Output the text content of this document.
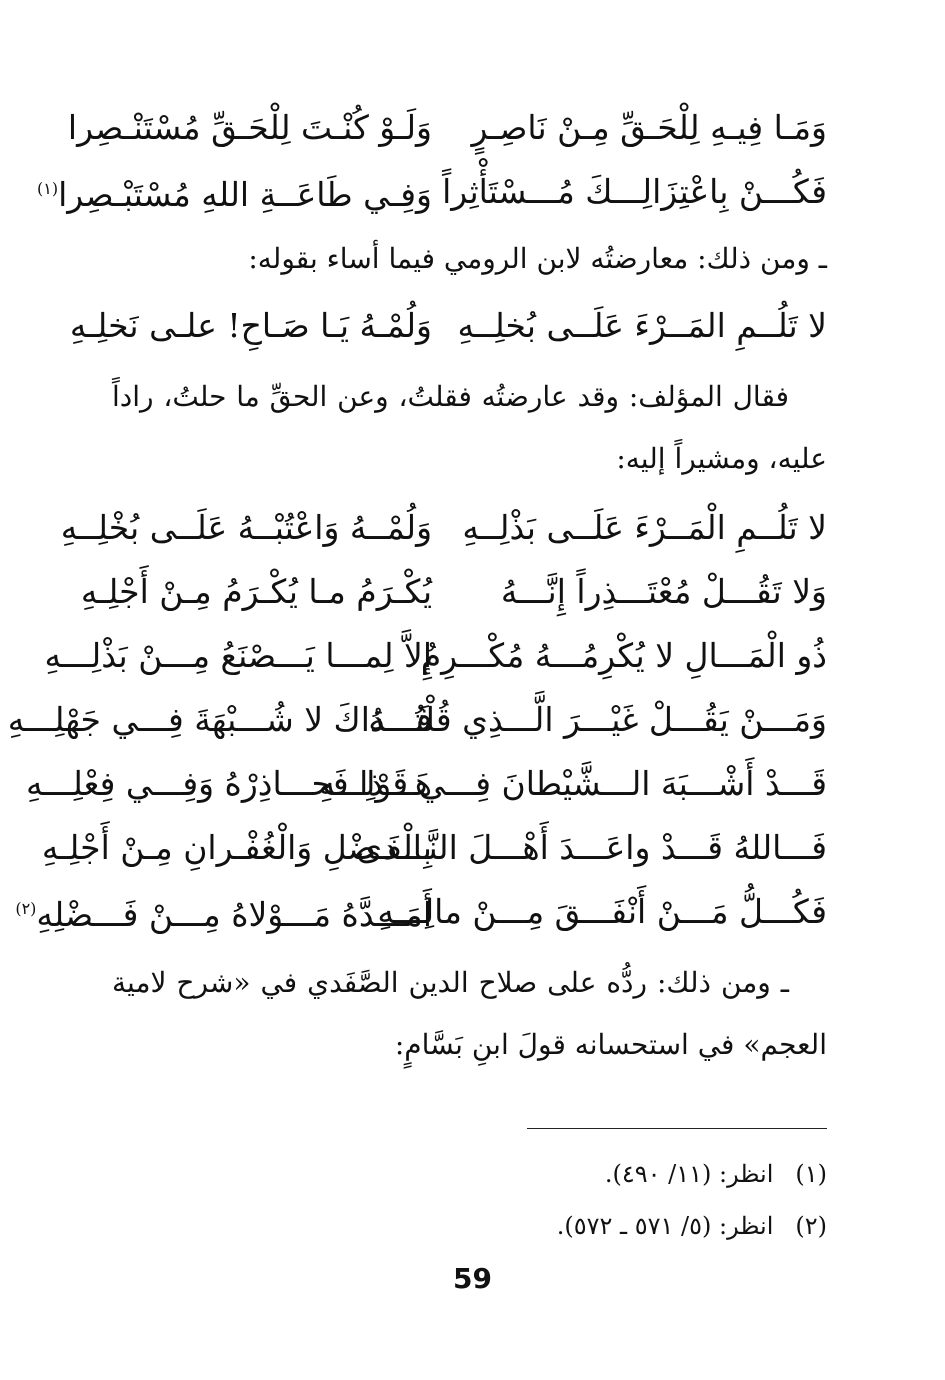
وَمَـا فِيـهِ لِلْحَـقِّ مِـنْ نَاصِـرٍ
وَلَـوْ كُنْـتَ لِلْحَـقِّ مُسْتَنْـصِرا
فَكُـــنْ بِاعْتِزَالِـــكَ مُـــسْتَأْثِراً
وَفِـي طَاعَــةِ اللهِ مُسْتَبْـصِرا$^{(١)}$
ـ ومن ذلك: معارضتُه لابن الرومي فيما أساء بقوله:
لا تَلُــمِ المَــرْءَ عَلَــى بُخلِــهِ
وَلُمْـهُ يَـا صَـاحِ! علـى نَخلِـهِ
فقال المؤلف: وقد عارضتُه فقلتُ، وعن الحقِّ ما حلتُ، راداً عليه، ومشيراً إليه:
لا تَلُــمِ الْمَــرْءَ عَلَــى بَذْلِــهِ
وَلُمْــهُ وَاعْتُبْــهُ عَلَــى بُخْلِــهِ
وَلا تَقُـــلْ مُعْتَـــذِراً إِنَّـــهُ
يُكْـرَمُ مـا يُكْـرَمُ مِـنْ أَجْلِـهِ
ذُو الْمَـــالِ لا يُكْرِمُـــهُ مُكْـــرِمٌ
إِلاَّ لِمـــا يَـــصْنَعُ مِـــنْ بَذْلِـــهِ
وَمَـــنْ يَقُـــلْ غَيْـــرَ الَّـــذِي قُلْتُـــهُ
فَـــذاكَ لا شُـــبْهَةَ فِـــي جَهْلِـــهِ
قَـــدْ أَشْـــبَهَ الـــشَّيْطانَ فِـــي قَوْلِـــهِ
هَـــذا فَحـــاذِرْهُ وَفِـــي فِعْلِـــهِ
فَـــاللهُ قَـــدْ واعَـــدَ أَهْـــلَ النَّـــدى
بِالْفَـضْلِ وَالْغُفْـرانِ مِـنْ أَجْلِـهِ
فَكُـــلُّ مَـــنْ أَنْفَـــقَ مِـــنْ مالِـــهِ
أَمَـــدَّهُ مَـــوْلاهُ مِـــنْ فَـــضْلِهِ$^{(٢)}$
ـ ومن ذلك: ردُّه على صلاح الدين الصَّفَدي في «شرح لامية العجم» في استحسانه قولَ ابنِ بَسَّامٍ:
(١)انظر: (١١/ ٤٩٠).
(٢)انظر: (٥/ ٥٧١ ـ ٥٧٢).
59
